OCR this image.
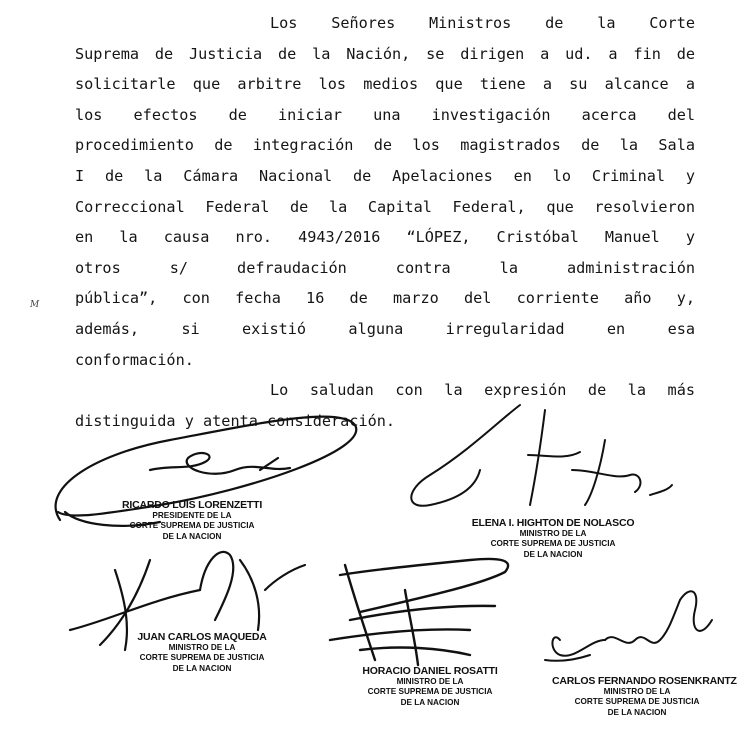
Los Señores Ministros de la Corte
Suprema de Justicia de la Nación, se dirigen a ud. a fin de
solicitarle que arbitre los medios que tiene a su alcance a
los efectos de iniciar una investigación acerca del
procedimiento de integración de los magistrados de la Sala
I de la Cámara Nacional de Apelaciones en lo Criminal y
Correccional Federal de la Capital Federal, que resolvieron
en la causa nro. 4943/2016 “LÓPEZ, Cristóbal Manuel y
otros s/ defraudación contra la administración
pública”, con fecha 16 de marzo del corriente año y,
además, si existió alguna irregularidad en esa
conformación.
Lo saludan con la expresión de la más
distinguida y atenta consideración.
M
RICARDO LUIS LORENZETTI
PRESIDENTE DE LA
CORTE SUPREMA DE JUSTICIA
DE LA NACION
ELENA I. HIGHTON DE NOLASCO
MINISTRO DE LA
CORTE SUPREMA DE JUSTICIA
DE LA NACION
JUAN CARLOS MAQUEDA
MINISTRO DE LA
CORTE SUPREMA DE JUSTICIA
DE LA NACION	HORACIO DANIEL ROSATTI
MINISTRO DE LA
CORTE SUPREMA DE JUSTICIA
DE LA NACION
CARLOS FERNANDO ROSENKRANTZ
MINISTRO DE LA
CORTE SUPREMA DE JUSTICIA
DE LA NACION
